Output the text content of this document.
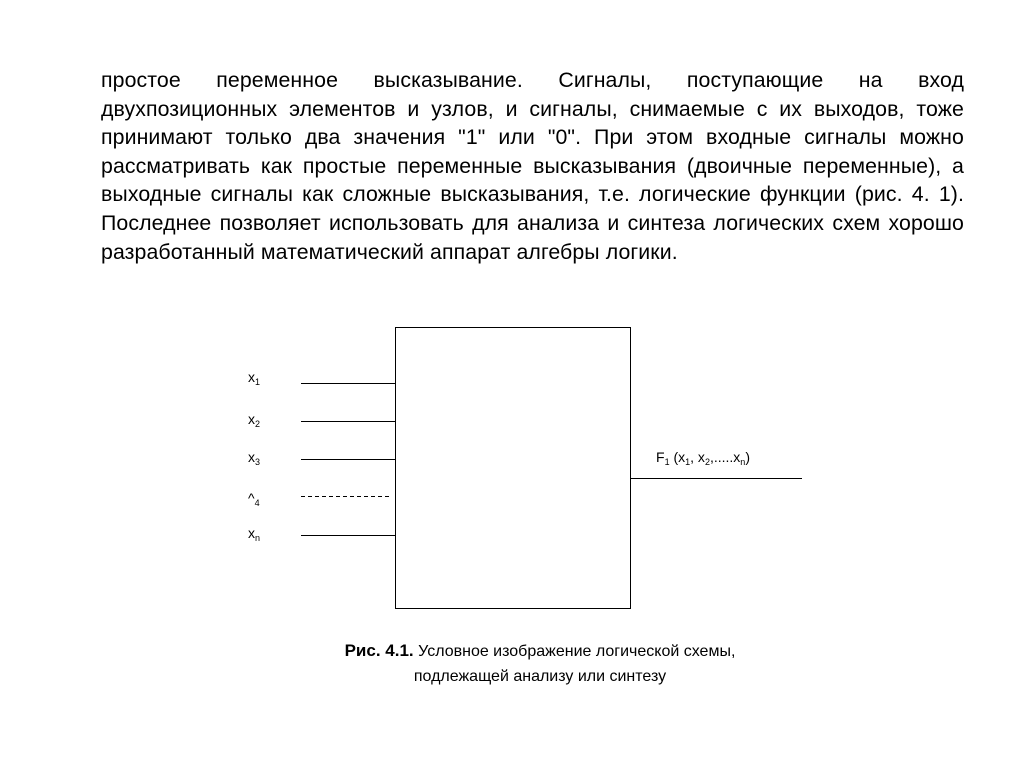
простое переменное высказывание. Сигналы, поступающие на вход двухпозиционных элементов и узлов, и сигналы, снимаемые с их выходов, тоже принимают только два значения "1" или "0". При этом входные сигналы можно рассматривать как простые переменные высказывания (двоичные переменные), а выходные сигналы как сложные высказывания, т.е. логические функции (рис. 4. 1). Последнее позволяет использовать для анализа и синтеза логических схем хорошо разработанный математический аппарат алгебры логики.

$x_1$
$x_2$
$x_3$
$\^{}_4$
$x_n$
$F_1$ ($x_1$, $x_2,.....x_n$)
Рис. 4.1. Условное изображение логической схемы,
подлежащей анализу или синтезу
